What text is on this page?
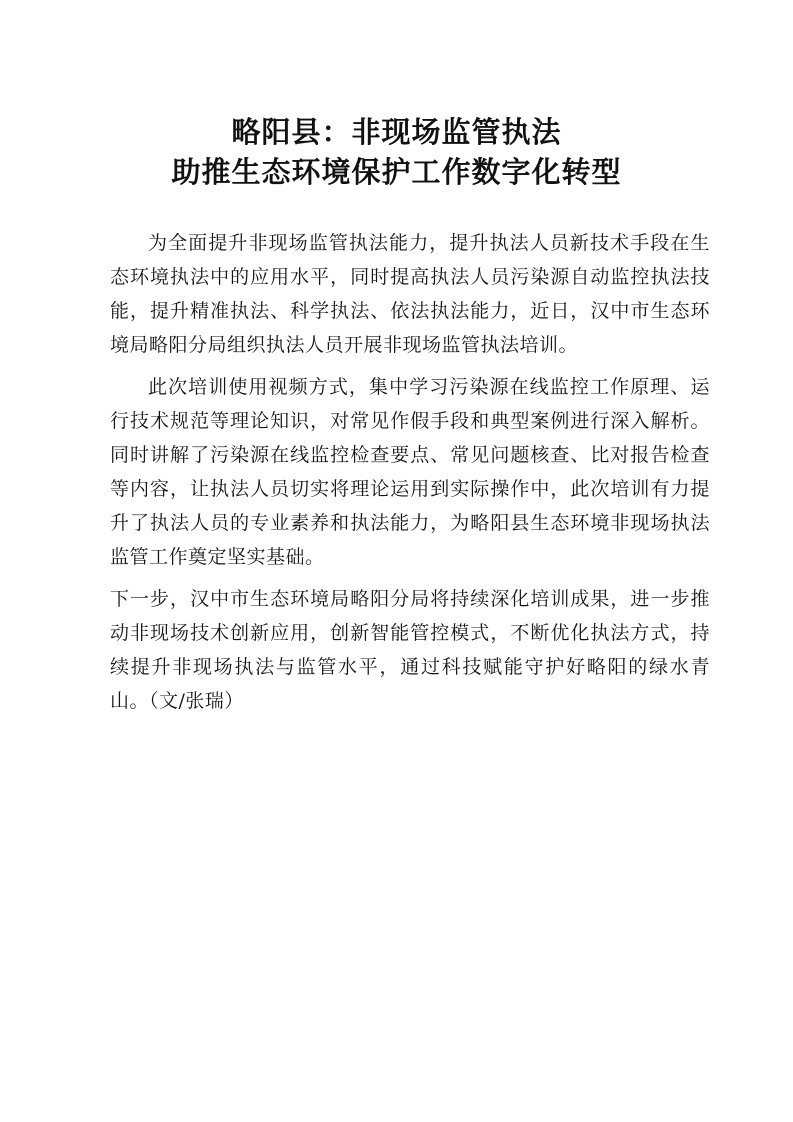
略阳县：非现场监管执法
助推生态环境保护工作数字化转型

为全面提升非现场监管执法能力，提升执法人员新技术手段在生态环境执法中的应用水平，同时提高执法人员污染源自动监控执法技能，提升精准执法、科学执法、依法执法能力，近日，汉中市生态环境局略阳分局组织执法人员开展非现场监管执法培训。

此次培训使用视频方式，集中学习污染源在线监控工作原理、运行技术规范等理论知识，对常见作假手段和典型案例进行深入解析。同时讲解了污染源在线监控检查要点、常见问题核查、比对报告检查等内容，让执法人员切实将理论运用到实际操作中，此次培训有力提升了执法人员的专业素养和执法能力，为略阳县生态环境非现场执法监管工作奠定坚实基础。

下一步，汉中市生态环境局略阳分局将持续深化培训成果，进一步推动非现场技术创新应用，创新智能管控模式，不断优化执法方式，持续提升非现场执法与监管水平，通过科技赋能守护好略阳的绿水青山。（文/张瑞）
